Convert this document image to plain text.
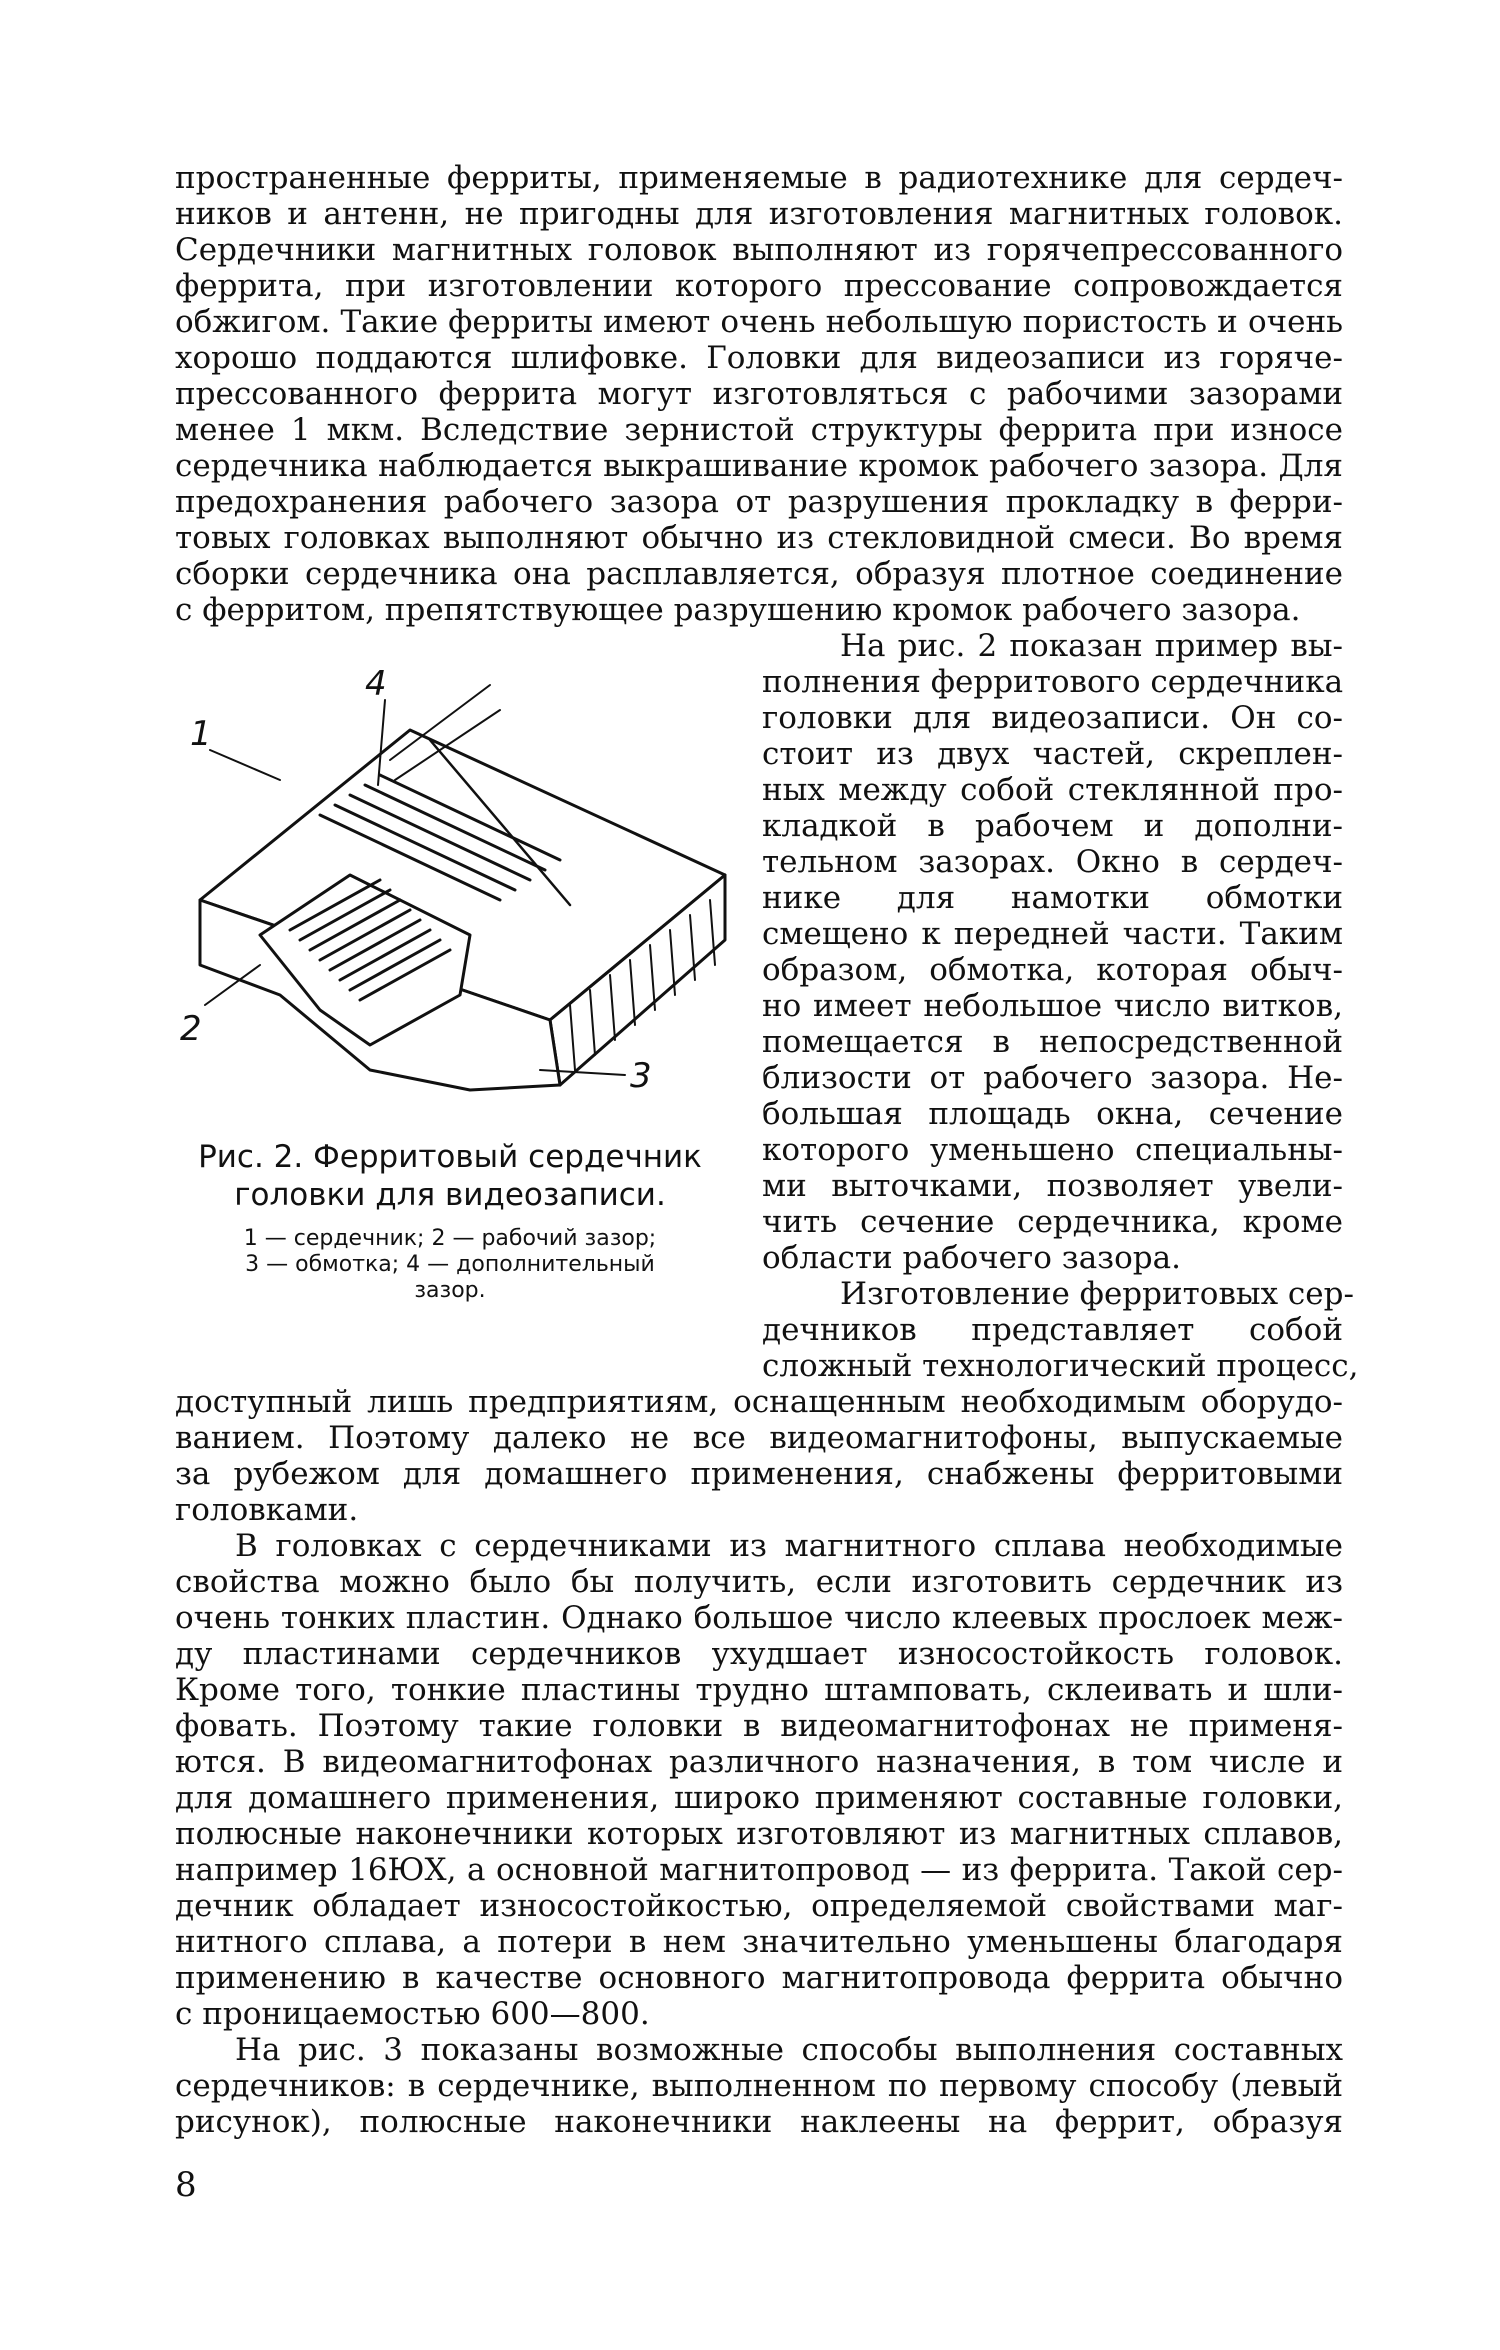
пространенные ферриты, применяемые в радиотехнике для сердеч-
ников и антенн, не пригодны для изготовления магнитных головок.
Сердечники магнитных головок выполняют из горячепрессованного
феррита, при изготовлении которого прессование сопровождается
обжигом. Такие ферриты имеют очень небольшую пористость и очень
хорошо поддаются шлифовке. Головки для видеозаписи из горяче-
прессованного феррита могут изготовляться с рабочими зазорами
менее 1 мкм. Вследствие зернистой структуры феррита при износе
сердечника наблюдается выкрашивание кромок рабочего зазора. Для
предохранения рабочего зазора от разрушения прокладку в ферри-
товых головках выполняют обычно из стекловидной смеси. Во время
сборки сердечника она расплавляется, образуя плотное соединение
с ферритом, препятствующее разрушению кромок рабочего зазора.
На рис. 2 показан пример вы-
полнения ферритового сердечника
головки для видеозаписи. Он со-
стоит из двух частей, скреплен-
ных между собой стеклянной про-
кладкой в рабочем и дополни-
тельном зазорах. Окно в сердеч-
нике для намотки обмотки
смещено к передней части. Таким
образом, обмотка, которая обыч-
но имеет небольшое число витков,
помещается в непосредственной
близости от рабочего зазора. Не-
большая площадь окна, сечение
которого уменьшено специальны-
ми выточками, позволяет увели-
чить сечение сердечника, кроме
области рабочего зазора.
Изготовление ферритовых сер-
дечников представляет собой
сложный технологический процесс,
1
4
2
3
Рис. 2. Ферритовый сердечник
головки для видеозаписи.
1 — сердечник; 2 — рабочий зазор;
3 — обмотка; 4 — дополнительный
зазор.
доступный лишь предприятиям, оснащенным необходимым оборудо-
ванием. Поэтому далеко не все видеомагнитофоны, выпускаемые
за рубежом для домашнего применения, снабжены ферритовыми
головками.
В головках с сердечниками из магнитного сплава необходимые
свойства можно было бы получить, если изготовить сердечник из
очень тонких пластин. Однако большое число клеевых прослоек меж-
ду пластинами сердечников ухудшает износостойкость головок.
Кроме того, тонкие пластины трудно штамповать, склеивать и шли-
фовать. Поэтому такие головки в видеомагнитофонах не применя-
ются. В видеомагнитофонах различного назначения, в том числе и
для домашнего применения, широко применяют составные головки,
полюсные наконечники которых изготовляют из магнитных сплавов,
например 16ЮХ, а основной магнитопровод — из феррита. Такой сер-
дечник обладает износостойкостью, определяемой свойствами маг-
нитного сплава, а потери в нем значительно уменьшены благодаря
применению в качестве основного магнитопровода феррита обычно
с проницаемостью 600—800.
На рис. 3 показаны возможные способы выполнения составных
сердечников: в сердечнике, выполненном по первому способу (левый
рисунок), полюсные наконечники наклеены на феррит, образуя
8
